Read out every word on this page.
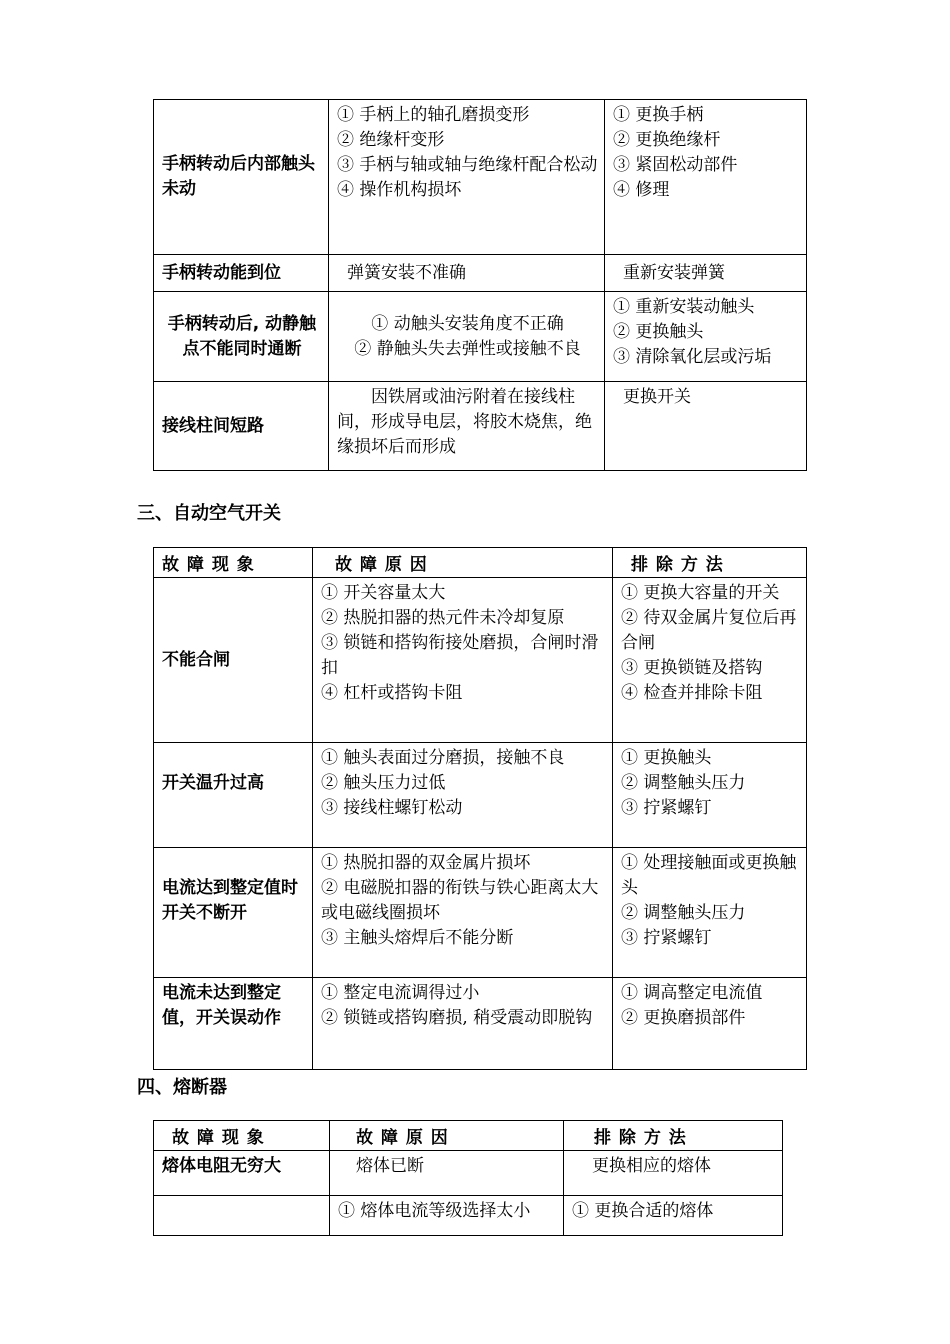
手柄转动后内部触头未动	① 手柄上的轴孔磨损变形
② 绝缘杆变形
③ 手柄与轴或轴与绝缘杆配合松动
④ 操作机构损坏	① 更换手柄
② 更换绝缘杆
③ 紧固松动部件
④ 修理

手柄转动能到位	弹簧安装不准确	重新安装弹簧
手柄转动后, 动静触点不能同时通断	① 动触头安装角度不正确
② 静触头失去弹性或接触不良	① 重新安装动触头
② 更换触头
③ 清除氧化层或污垢

接线柱间短路	因铁屑或油污附着在接线柱间，形成导电层，将胶木烧焦，绝缘损坏后而形成	更换开关
三、自动空气开关
故 障 现 象	故 障 原 因	排 除 方 法
不能合闸	① 开关容量太大
② 热脱扣器的热元件未冷却复原
③ 锁链和搭钩衔接处磨损，合闸时滑扣
④ 杠杆或搭钩卡阻	① 更换大容量的开关
② 待双金属片复位后再合闸
③ 更换锁链及搭钩
④ 检查并排除卡阻

开关温升过高	① 触头表面过分磨损，接触不良
② 触头压力过低
③ 接线柱螺钉松动	① 更换触头
② 调整触头压力
③ 拧紧螺钉

电流达到整定值时开关不断开	① 热脱扣器的双金属片损坏
② 电磁脱扣器的衔铁与铁心距离太大或电磁线圈损坏
③ 主触头熔焊后不能分断	① 处理接触面或更换触头
② 调整触头压力
③ 拧紧螺钉

电流未达到整定值，开关误动作	① 整定电流调得过小
② 锁链或搭钩磨损, 稍受震动即脱钩	① 调高整定电流值
② 更换磨损部件
四、熔断器
故 障 现 象	故 障 原 因	排 除 方 法
熔体电阻无穷大	熔体已断	更换相应的熔体
	① 熔体电流等级选择太小	① 更换合适的熔体
